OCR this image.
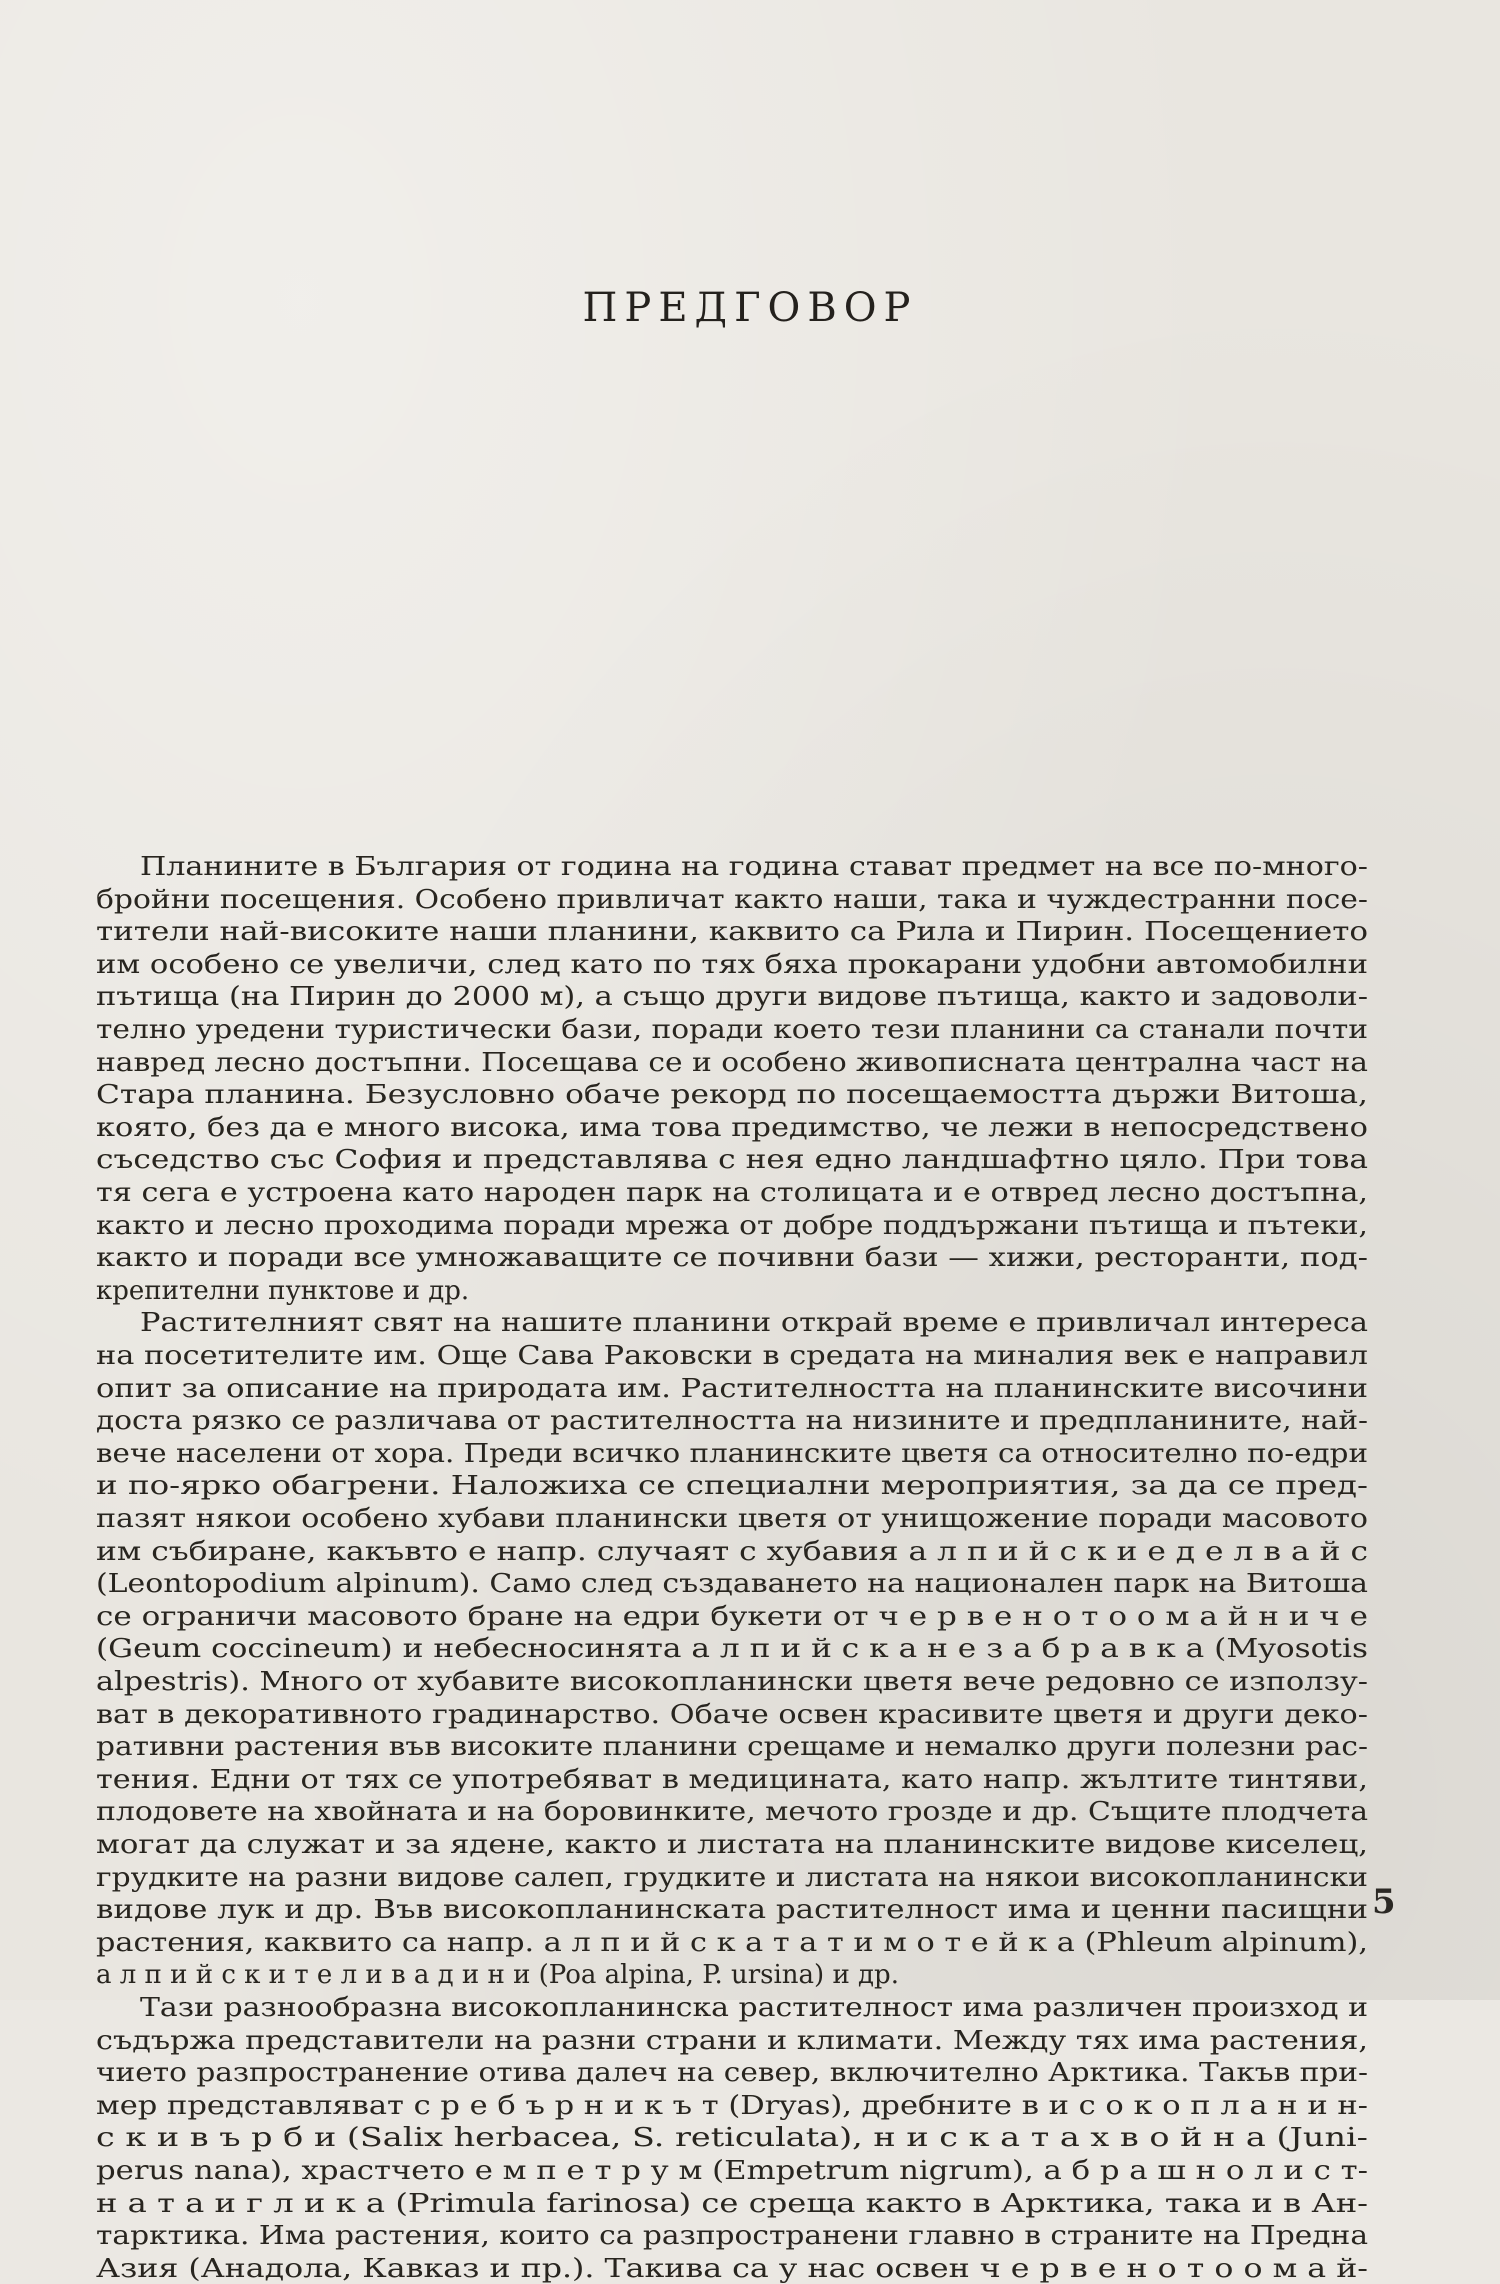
ПРЕДГОВОР
Планините в България от година на година стават предмет на все по-много-
бройни посещения. Особено привличат както наши, така и чуждестранни посе-
тители най-високите наши планини, каквито са Рила и Пирин. Посещението
им особено се увеличи, след като по тях бяха прокарани удобни автомобилни
пътища (на Пирин до 2000 м), а също други видове пътища, както и задоволи-
телно уредени туристически бази, поради което тези планини са станали почти
навред лесно достъпни. Посещава се и особено живописната централна част на
Стара планина. Безусловно обаче рекорд по посещаемостта държи Витоша,
която, без да е много висока, има това предимство, че лежи в непосредствено
съседство със София и представлява с нея едно ландшафтно цяло. При това
тя сега е устроена като народен парк на столицата и е отвред лесно достъпна,
както и лесно проходима поради мрежа от добре поддържани пътища и пътеки,
както и поради все умножаващите се почивни бази — хижи, ресторанти, под-
крепителни пунктове и др.
Растителният свят на нашите планини открай време е привличал интереса
на посетителите им. Още Сава Раковски в средата на миналия век е направил
опит за описание на природата им. Растителността на планинските височини
доста рязко се различава от растителността на низините и предпланините, най-
вече населени от хора. Преди всичко планинските цветя са относително по-едри
и по-ярко обагрени. Наложиха се специални мероприятия, за да се пред-
пазят някои особено хубави планински цветя от унищожение поради масовото
им събиране, какъвто е напр. случаят с хубавия а л п и й с к и е д е л в а й с
(Leontopodium alpinum). Само след създаването на национален парк на Витоша
се ограничи масовото бране на едри букети от ч е р в е н о т о о м а й н и ч е
(Geum coccineum) и небесносинята а л п и й с к а н е з а б р а в к а (Myosotis
alpestris). Много от хубавите високопланински цветя вече редовно се използу-
ват в декоративното градинарство. Обаче освен красивите цветя и други деко-
ративни растения във високите планини срещаме и немалко други полезни рас-
тения. Едни от тях се употребяват в медицината, като напр. жълтите тинтяви,
плодовете на хвойната и на боровинките, мечото грозде и др. Същите плодчета
могат да служат и за ядене, както и листата на планинските видове киселец,
грудките на разни видове салеп, грудките и листата на някои високопланински
видове лук и др. Във високопланинската растителност има и ценни пасищни
растения, каквито са напр. а л п и й с к а т а т и м о т е й к а (Phleum alpinum),
а л п и й с к и т е л и в а д и н и (Poa alpina, P. ursina) и др.
Тази разнообразна високопланинска растителност има различен произход и
съдържа представители на разни страни и климати. Между тях има растения,
чието разпространение отива далеч на север, включително Арктика. Такъв при-
мер представляват с р е б ъ р н и к ъ т (Dryas), дребните в и с о к о п л а н и н-
с к и в ъ р б и (Salix herbacea, S. reticulata), н и с к а т а х в о й н а (Juni-
perus nana), храстчето е м п е т р у м (Empetrum nigrum), а б р а ш н о л и с т-
н а т а и г л и к а (Primula farinosa) се среща както в Арктика, така и в Ан-
тарктика. Има растения, които са разпространени главно в страните на Предна
Азия (Анадола, Кавказ и пр.). Такива са у нас освен ч е р в е н о т о о м а й-
5
